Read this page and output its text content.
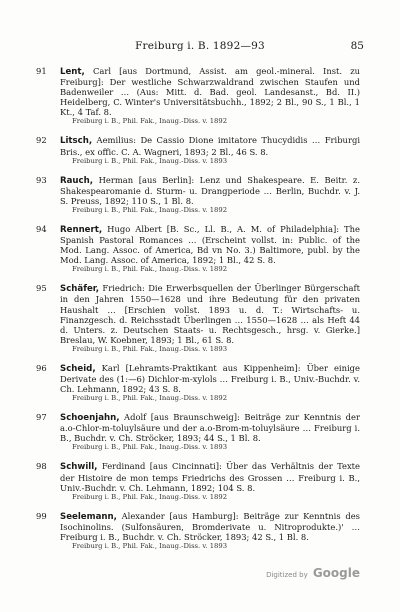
Freiburg i. B. 1892—93	85
91 Lent, Carl [aus Dortmund, Assist. am geol.-mineral. Inst. zu Freiburg]: Der westliche Schwarzwaldrand zwischen Staufen und Badenweiler … (Aus: Mitt. d. Bad. geol. Landesanst., Bd. II.) Heidelberg, C. Winter's Universitätsbuchh., 1892; 2 Bl., 90 S., 1 Bl., 1 Kt., 4 Taf. 8.

Freiburg i. B., Phil. Fak., Inaug.-Diss. v. 1892

92 Litsch, Aemilius: De Cassio Dione imitatore Thucydidis … Friburgi Bris., ex offic. C. A. Wagneri, 1893; 2 Bl., 46 S. 8.

Freiburg i. B., Phil. Fak., Inaug.-Diss. v. 1893

93 Rauch, Herman [aus Berlin]: Lenz und Shakespeare. E. Beitr. z. Shakespearomanie d. Sturm- u. Drangperiode … Berlin, Buchdr. v. J. S. Preuss, 1892; 110 S., 1 Bl. 8.

Freiburg i. B., Phil. Fak., Inaug.-Diss. v. 1892

94 Rennert, Hugo Albert [B. Sc., Ll. B., A. M. of Philadelphia]: The Spanish Pastoral Romances … (Erscheint vollst. in: Public. of the Mod. Lang. Assoc. of America, Bd vn No. 3.) Baltimore, publ. by the Mod. Lang. Assoc. of America, 1892; 1 Bl., 42 S. 8.

Freiburg i. B., Phil. Fak., Inaug.-Diss. v. 1892

95 Schäfer, Friedrich: Die Erwerbsquellen der Überlinger Bürgerschaft in den Jahren 1550—1628 und ihre Bedeutung für den privaten Haushalt … [Erschien vollst. 1893 u. d. T.: Wirtschafts- u. Finanzgesch. d. Reichsstadt Überlingen … 1550—1628 … als Heft 44 d. Unters. z. Deutschen Staats- u. Rechtsgesch., hrsg. v. Gierke.] Breslau, W. Koebner, 1893; 1 Bl., 61 S. 8.

Freiburg i. B., Phil. Fak., Inaug.-Diss. v. 1893

96 Scheid, Karl [Lehramts-Praktikant aus Kippenheim]: Über einige Derivate des (1:—6) Dichlor-m-xylols … Freiburg i. B., Univ.-Buchdr. v. Ch. Lehmann, 1892; 43 S. 8.

Freiburg i. B., Phil. Fak., Inaug.-Diss. v. 1892

97 Schoenjahn, Adolf [aus Braunschweig]: Beiträge zur Kenntnis der a.o-Chlor-m-toluylsäure und der a.o-Brom-m-toluylsäure … Freiburg i. B., Buchdr. v. Ch. Ströcker, 1893; 44 S., 1 Bl. 8.

Freiburg i. B., Phil. Fak., Inaug.-Diss. v. 1893

98 Schwill, Ferdinand [aus Cincinnati]: Über das Verhältnis der Texte der Histoire de mon temps Friedrichs des Grossen … Freiburg i. B., Univ.-Buchdr. v. Ch. Lehmann, 1892; 104 S. 8.

Freiburg i. B., Phil. Fak., Inaug.-Diss. v. 1892

99 Seelemann, Alexander [aus Hamburg]: Beiträge zur Kenntnis des Isochinolins. (Sulfonsäuren, Bromderivate u. Nitroprodukte.)' … Freiburg i. B., Buchdr. v. Ch. Ströcker, 1893; 42 S., 1 Bl. 8.

Freiburg i. B., Phil. Fak., Inaug.-Diss. v. 1893

Digitized by Google
